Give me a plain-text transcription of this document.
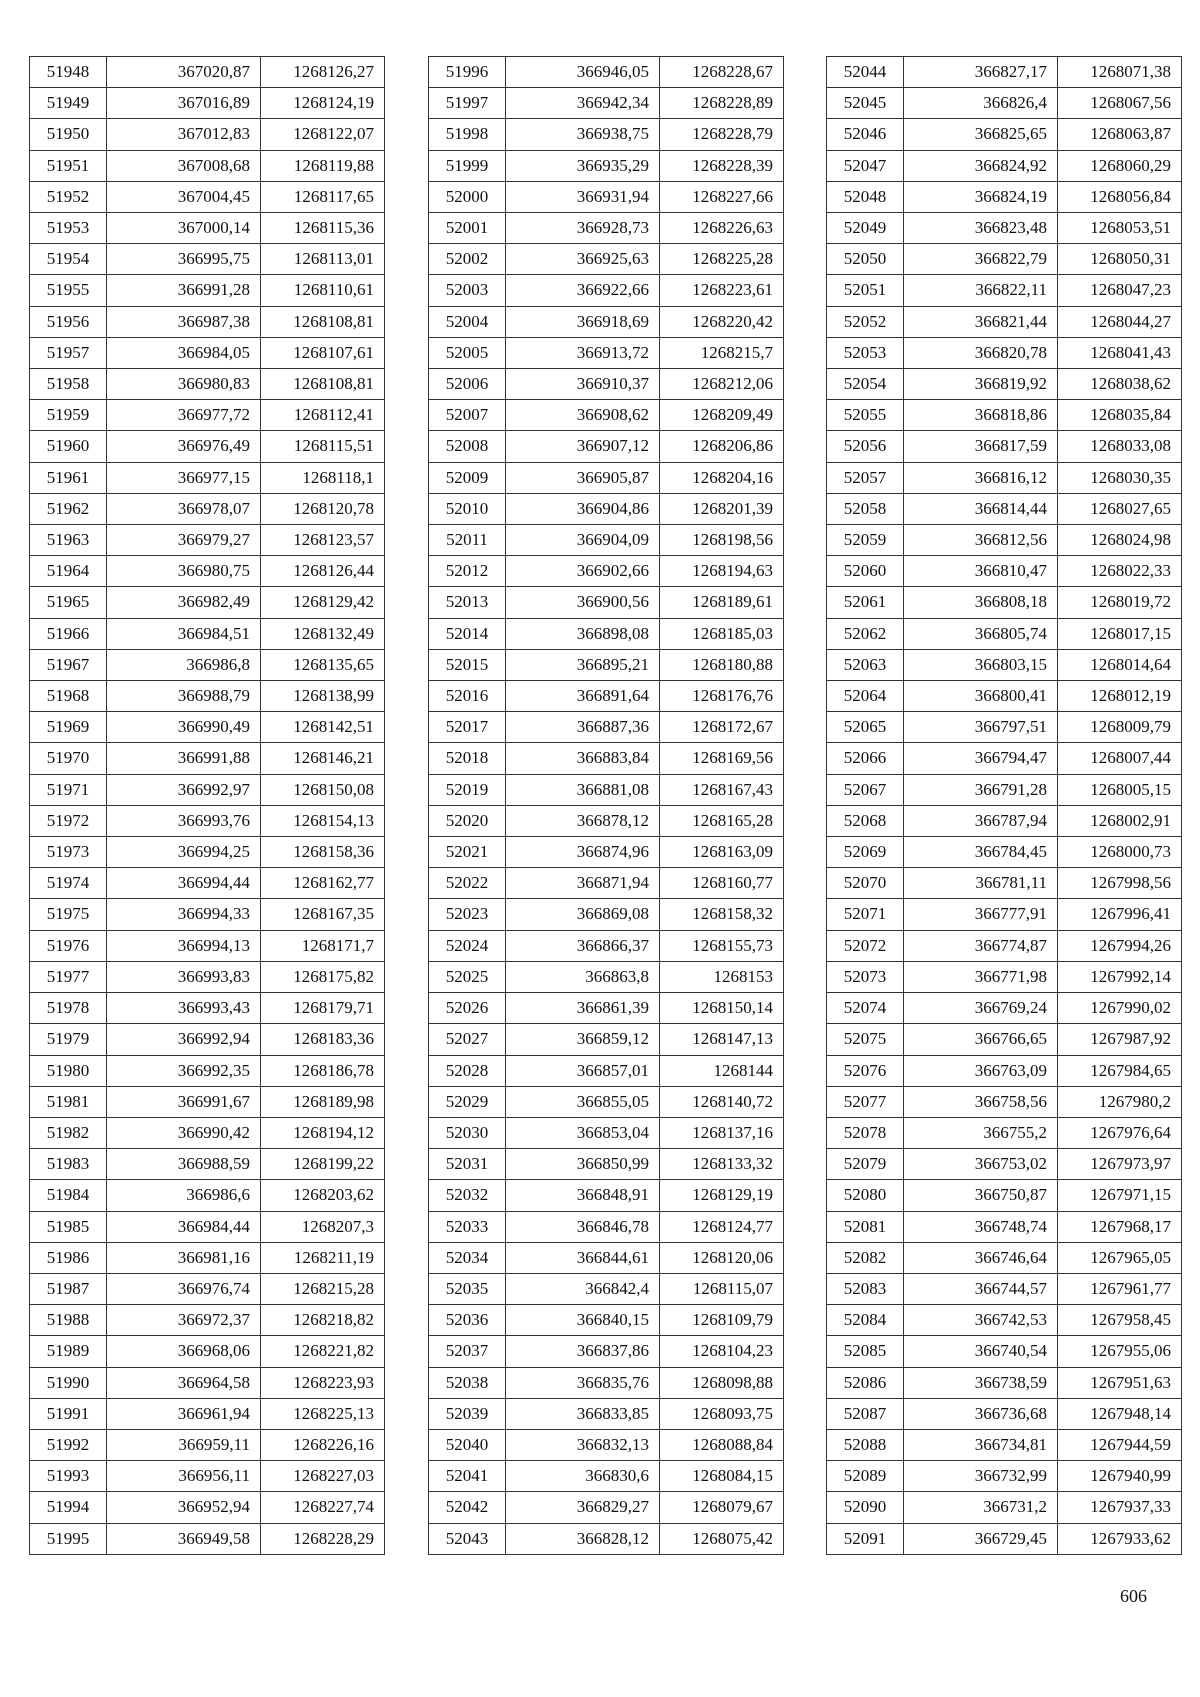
51948	367020,87	1268126,27
51949	367016,89	1268124,19
51950	367012,83	1268122,07
51951	367008,68	1268119,88
51952	367004,45	1268117,65
51953	367000,14	1268115,36
51954	366995,75	1268113,01
51955	366991,28	1268110,61
51956	366987,38	1268108,81
51957	366984,05	1268107,61
51958	366980,83	1268108,81
51959	366977,72	1268112,41
51960	366976,49	1268115,51
51961	366977,15	1268118,1
51962	366978,07	1268120,78
51963	366979,27	1268123,57
51964	366980,75	1268126,44
51965	366982,49	1268129,42
51966	366984,51	1268132,49
51967	366986,8	1268135,65
51968	366988,79	1268138,99
51969	366990,49	1268142,51
51970	366991,88	1268146,21
51971	366992,97	1268150,08
51972	366993,76	1268154,13
51973	366994,25	1268158,36
51974	366994,44	1268162,77
51975	366994,33	1268167,35
51976	366994,13	1268171,7
51977	366993,83	1268175,82
51978	366993,43	1268179,71
51979	366992,94	1268183,36
51980	366992,35	1268186,78
51981	366991,67	1268189,98
51982	366990,42	1268194,12
51983	366988,59	1268199,22
51984	366986,6	1268203,62
51985	366984,44	1268207,3
51986	366981,16	1268211,19
51987	366976,74	1268215,28
51988	366972,37	1268218,82
51989	366968,06	1268221,82
51990	366964,58	1268223,93
51991	366961,94	1268225,13
51992	366959,11	1268226,16
51993	366956,11	1268227,03
51994	366952,94	1268227,74
51995	366949,58	1268228,29
51996	366946,05	1268228,67
51997	366942,34	1268228,89
51998	366938,75	1268228,79
51999	366935,29	1268228,39
52000	366931,94	1268227,66
52001	366928,73	1268226,63
52002	366925,63	1268225,28
52003	366922,66	1268223,61
52004	366918,69	1268220,42
52005	366913,72	1268215,7
52006	366910,37	1268212,06
52007	366908,62	1268209,49
52008	366907,12	1268206,86
52009	366905,87	1268204,16
52010	366904,86	1268201,39
52011	366904,09	1268198,56
52012	366902,66	1268194,63
52013	366900,56	1268189,61
52014	366898,08	1268185,03
52015	366895,21	1268180,88
52016	366891,64	1268176,76
52017	366887,36	1268172,67
52018	366883,84	1268169,56
52019	366881,08	1268167,43
52020	366878,12	1268165,28
52021	366874,96	1268163,09
52022	366871,94	1268160,77
52023	366869,08	1268158,32
52024	366866,37	1268155,73
52025	366863,8	1268153
52026	366861,39	1268150,14
52027	366859,12	1268147,13
52028	366857,01	1268144
52029	366855,05	1268140,72
52030	366853,04	1268137,16
52031	366850,99	1268133,32
52032	366848,91	1268129,19
52033	366846,78	1268124,77
52034	366844,61	1268120,06
52035	366842,4	1268115,07
52036	366840,15	1268109,79
52037	366837,86	1268104,23
52038	366835,76	1268098,88
52039	366833,85	1268093,75
52040	366832,13	1268088,84
52041	366830,6	1268084,15
52042	366829,27	1268079,67
52043	366828,12	1268075,42
52044	366827,17	1268071,38
52045	366826,4	1268067,56
52046	366825,65	1268063,87
52047	366824,92	1268060,29
52048	366824,19	1268056,84
52049	366823,48	1268053,51
52050	366822,79	1268050,31
52051	366822,11	1268047,23
52052	366821,44	1268044,27
52053	366820,78	1268041,43
52054	366819,92	1268038,62
52055	366818,86	1268035,84
52056	366817,59	1268033,08
52057	366816,12	1268030,35
52058	366814,44	1268027,65
52059	366812,56	1268024,98
52060	366810,47	1268022,33
52061	366808,18	1268019,72
52062	366805,74	1268017,15
52063	366803,15	1268014,64
52064	366800,41	1268012,19
52065	366797,51	1268009,79
52066	366794,47	1268007,44
52067	366791,28	1268005,15
52068	366787,94	1268002,91
52069	366784,45	1268000,73
52070	366781,11	1267998,56
52071	366777,91	1267996,41
52072	366774,87	1267994,26
52073	366771,98	1267992,14
52074	366769,24	1267990,02
52075	366766,65	1267987,92
52076	366763,09	1267984,65
52077	366758,56	1267980,2
52078	366755,2	1267976,64
52079	366753,02	1267973,97
52080	366750,87	1267971,15
52081	366748,74	1267968,17
52082	366746,64	1267965,05
52083	366744,57	1267961,77
52084	366742,53	1267958,45
52085	366740,54	1267955,06
52086	366738,59	1267951,63
52087	366736,68	1267948,14
52088	366734,81	1267944,59
52089	366732,99	1267940,99
52090	366731,2	1267937,33
52091	366729,45	1267933,62
606
